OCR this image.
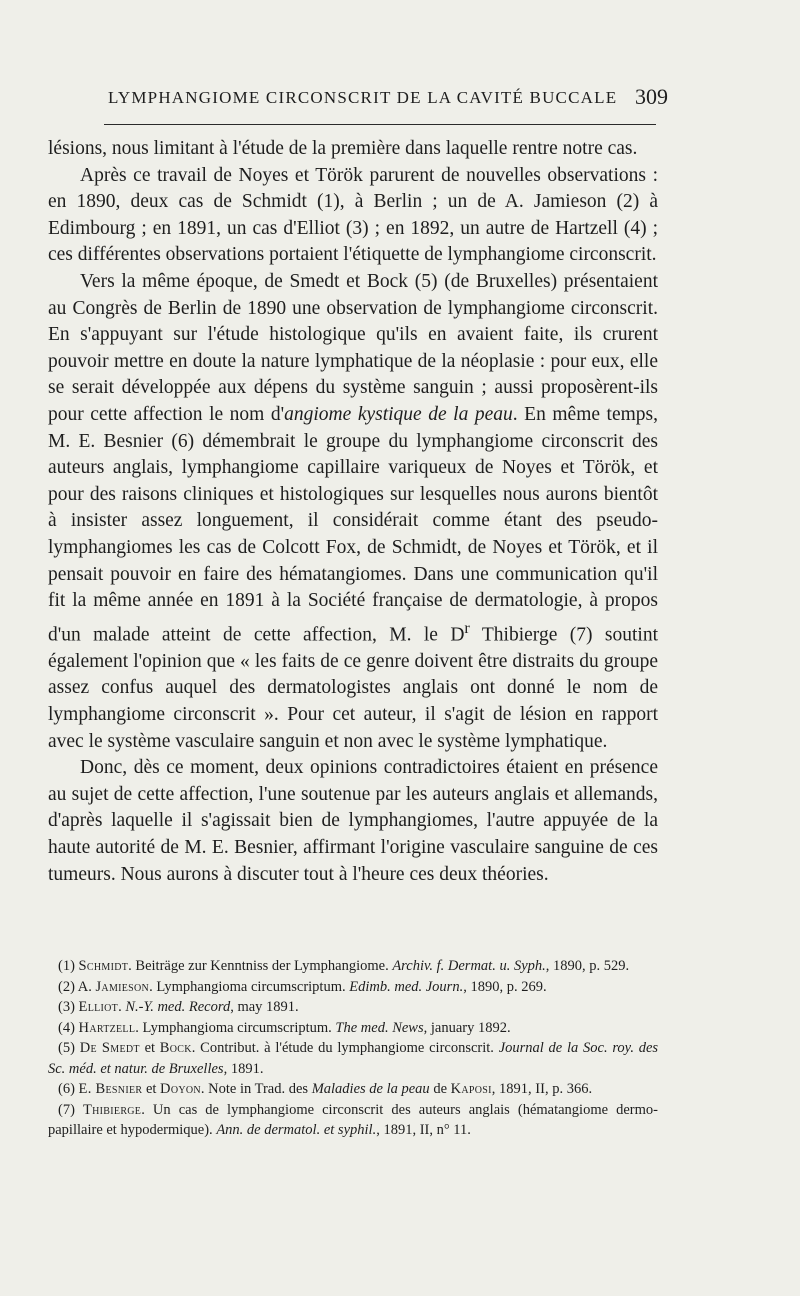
LYMPHANGIOME CIRCONSCRIT DE LA CAVITÉ BUCCALE 309

lésions, nous limitant à l'étude de la première dans laquelle rentre notre cas.

Après ce travail de Noyes et Török parurent de nouvelles observations : en 1890, deux cas de Schmidt (1), à Berlin ; un de A. Jamieson (2) à Edimbourg ; en 1891, un cas d'Elliot (3) ; en 1892, un autre de Hartzell (4) ; ces différentes observations portaient l'étiquette de lymphangiome circonscrit.

Vers la même époque, de Smedt et Bock (5) (de Bruxelles) présentaient au Congrès de Berlin de 1890 une observation de lymphangiome circonscrit. En s'appuyant sur l'étude histologique qu'ils en avaient faite, ils crurent pouvoir mettre en doute la nature lymphatique de la néoplasie : pour eux, elle se serait développée aux dépens du système sanguin ; aussi proposèrent-ils pour cette affection le nom d'angiome kystique de la peau. En même temps, M. E. Besnier (6) démembrait le groupe du lymphangiome circonscrit des auteurs anglais, lymphangiome capillaire variqueux de Noyes et Török, et pour des raisons cliniques et histologiques sur lesquelles nous aurons bientôt à insister assez longuement, il considérait comme étant des pseudo-lymphangiomes les cas de Colcott Fox, de Schmidt, de Noyes et Török, et il pensait pouvoir en faire des hématangiomes. Dans une communication qu'il fit la même année en 1891 à la Société française de dermatologie, à propos d'un malade atteint de cette affection, M. le $D^r$ Thibierge (7) soutint également l'opinion que « les faits de ce genre doivent être distraits du groupe assez confus auquel des dermatologistes anglais ont donné le nom de lymphangiome circonscrit ». Pour cet auteur, il s'agit de lésion en rapport avec le système vasculaire sanguin et non avec le système lymphatique.

Donc, dès ce moment, deux opinions contradictoires étaient en présence au sujet de cette affection, l'une soutenue par les auteurs anglais et allemands, d'après laquelle il s'agissait bien de lymphangiomes, l'autre appuyée de la haute autorité de M. E. Besnier, affirmant l'origine vasculaire sanguine de ces tumeurs. Nous aurons à discuter tout à l'heure ces deux théories.

(1) Schmidt. Beiträge zur Kenntniss der Lymphangiome. Archiv. f. Dermat. u. Syph., 1890, p. 529.

(2) A. Jamieson. Lymphangioma circumscriptum. Edimb. med. Journ., 1890, p. 269.

(3) Elliot. N.-Y. med. Record, may 1891.

(4) Hartzell. Lymphangioma circumscriptum. The med. News, january 1892.

(5) De Smedt et Bock. Contribut. à l'étude du lymphangiome circonscrit. Journal de la Soc. roy. des Sc. méd. et natur. de Bruxelles, 1891.

(6) E. Besnier et Doyon. Note in Trad. des Maladies de la peau de Kaposi, 1891, II, p. 366.

(7) Thibierge. Un cas de lymphangiome circonscrit des auteurs anglais (hématangiome dermo-papillaire et hypodermique). Ann. de dermatol. et syphil., 1891, II, n° 11.
